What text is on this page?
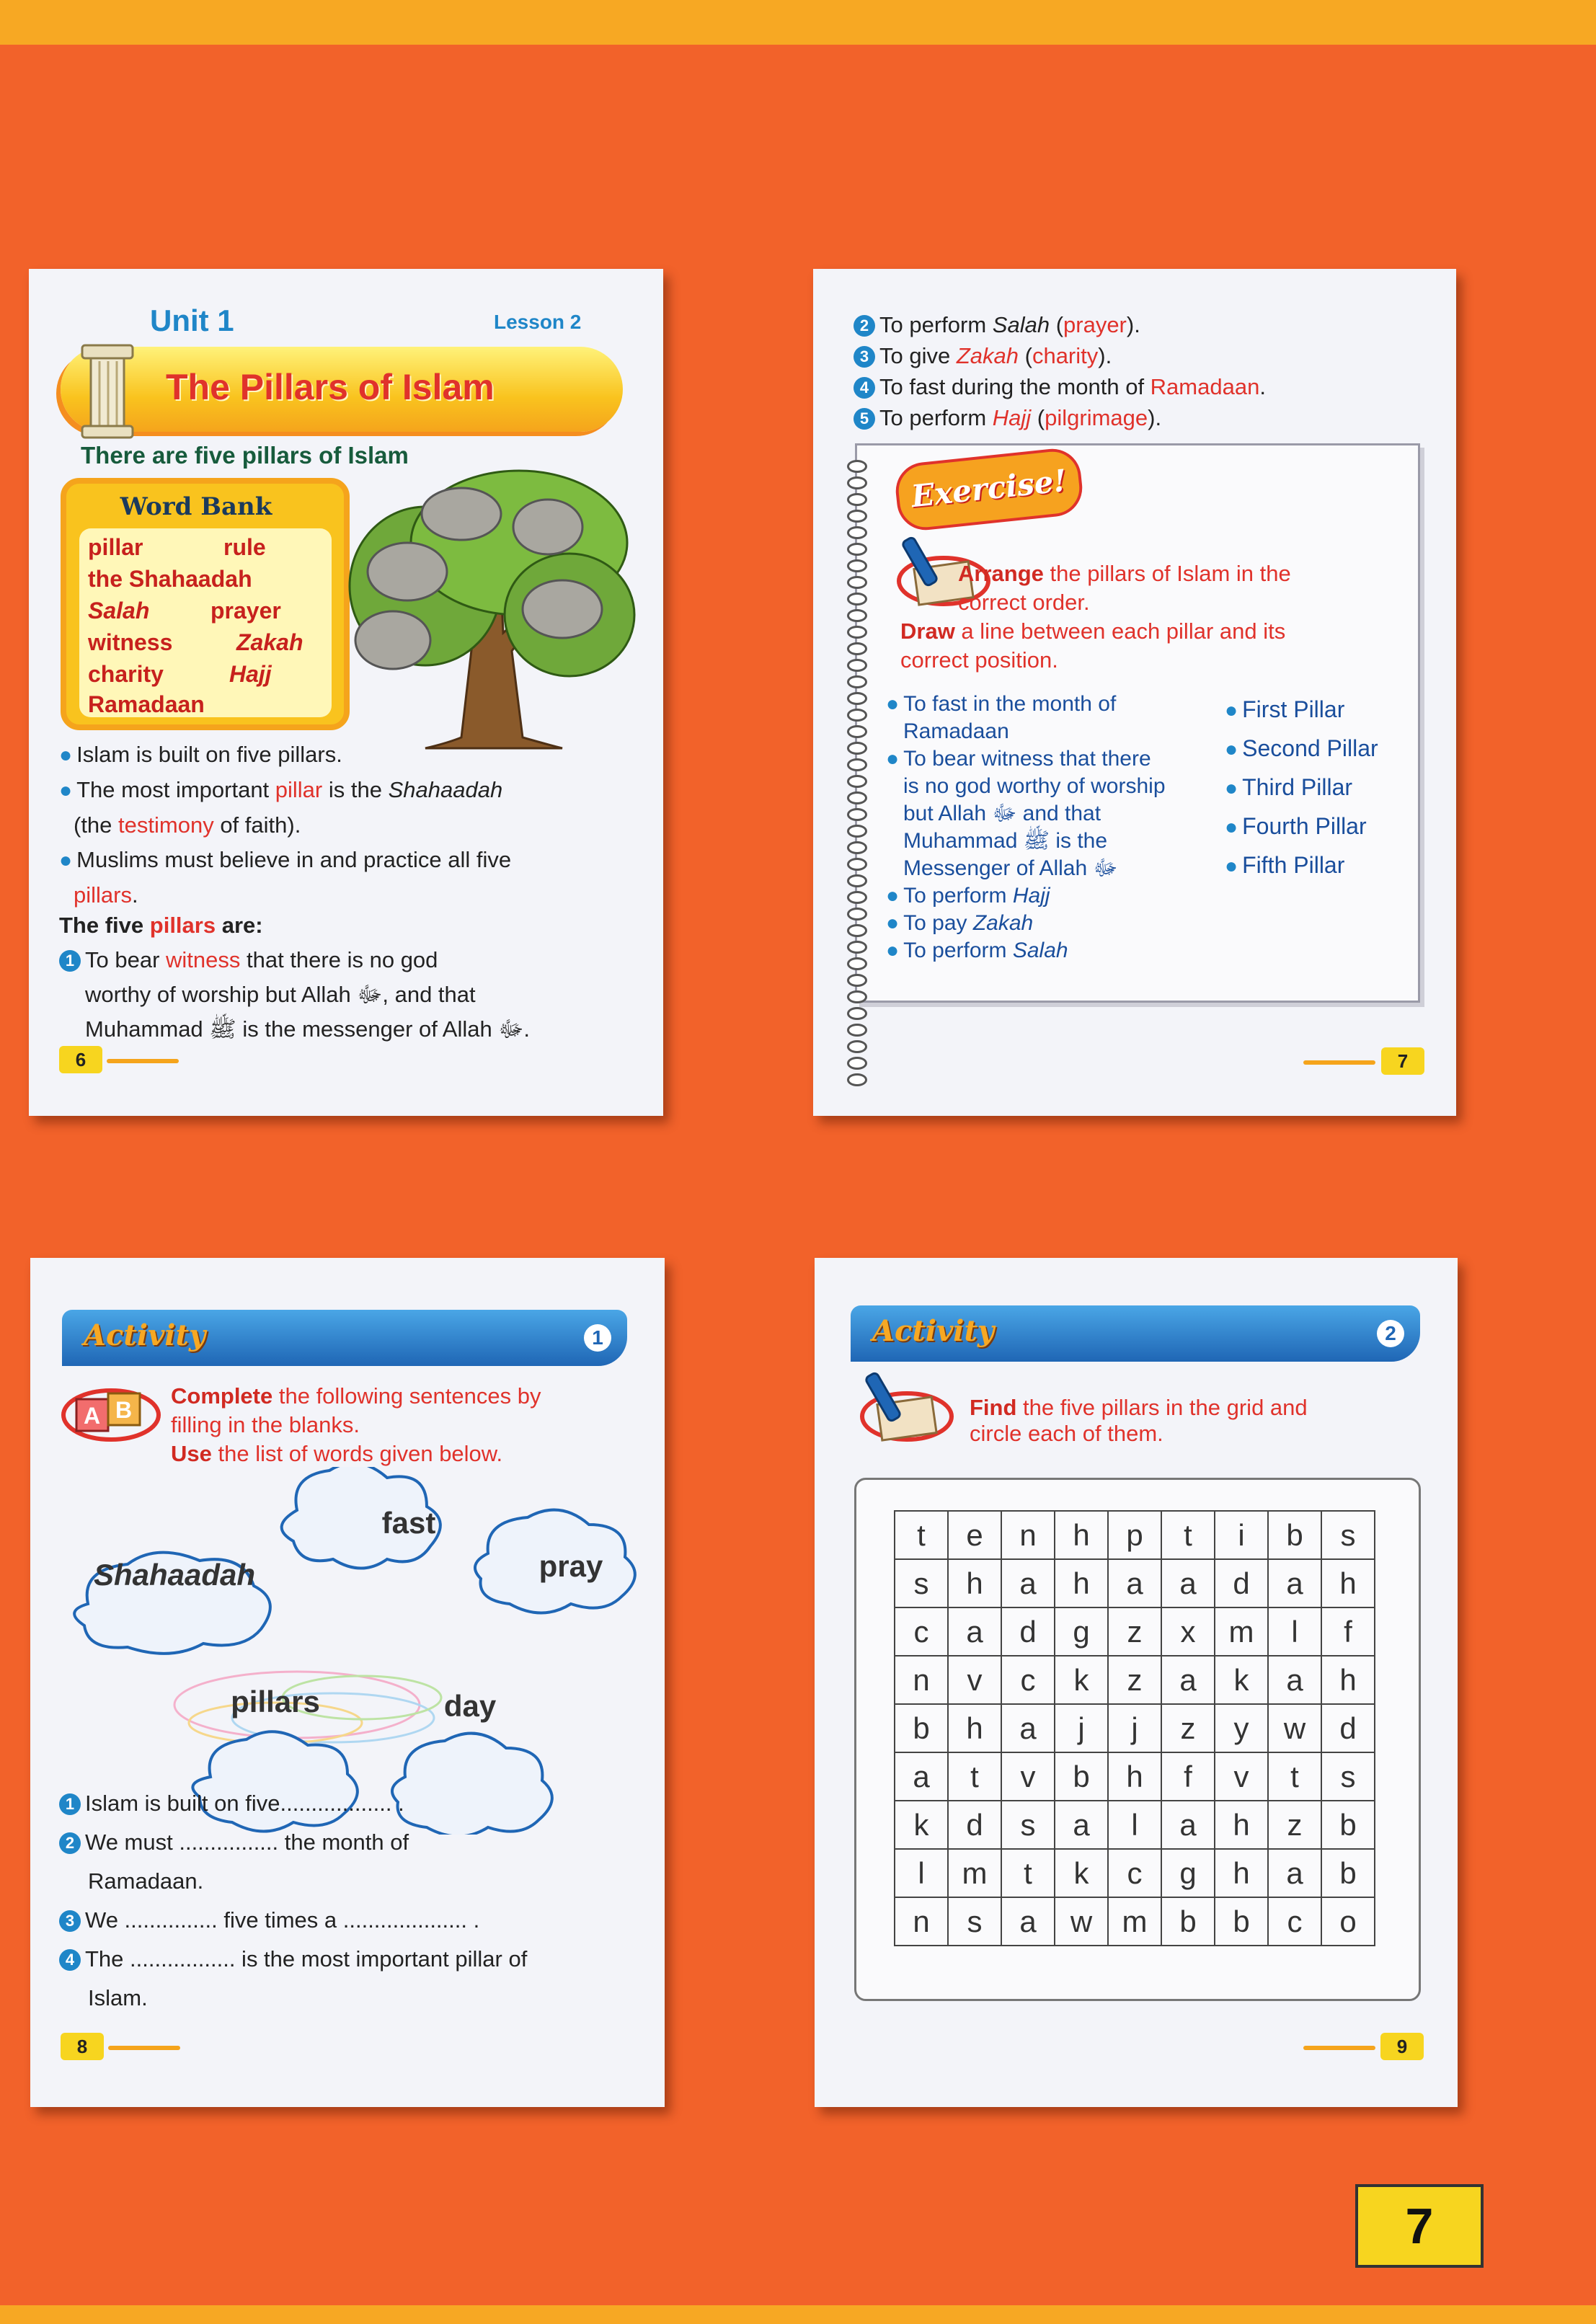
Unit 1	Lesson 2
The Pillars of Islam
There are five pillars of Islam
Word Bank
pillar	rule
the Shahaadah
Salah	prayer
witness	Zakah
charity	Hajj
Ramadaan
● Islam is built on five pillars.
● The most important pillar is the Shahaadah
(the testimony of faith).
● Muslims must believe in and practice all five
pillars.
The five pillars are:
1 To bear witness that there is no god
worthy of worship but Allah ﷻ, and that
Muhammad ﷺ is the messenger of Allah ﷻ.
6
2 To perform Salah (prayer).
3 To give Zakah (charity).
4 To fast during the month of Ramadaan.
5 To perform Hajj (pilgrimage).
Exercise!
Arrange the pillars of Islam in the
correct order.
Draw a line between each pillar and its
correct position.
● To fast in the month of
Ramadaan
● To bear witness that there
is no god worthy of worship
but Allah ﷻ and that
Muhammad ﷺ is the
Messenger of Allah ﷻ
● To perform Hajj
● To pay Zakah
● To perform Salah
● First Pillar
● Second Pillar
● Third Pillar
● Fourth Pillar
● Fifth Pillar
7
Activity	1
A B
Complete the following sentences by
filling in the blanks.
Use the list of words given below.
fast
Shahaadah	pray
pillars	day
1 Islam is built on five.................. .
2 We must ................ the month of
Ramadaan.
3 We ............... five times a .................... .
4 The ................. is the most important pillar of
Islam.
8
Activity	2
Find the five pillars in the grid and
circle each of them.
t	e	n	h	p	t	i	b	s
s	h	a	h	a	a	d	a	h
c	a	d	g	z	x	m	l	f
n	v	c	k	z	a	k	a	h
b	h	a	j	j	z	y	w	d
a	t	v	b	h	f	v	t	s
k	d	s	a	l	a	h	z	b
l	m	t	k	c	g	h	a	b
n	s	a	w	m	b	b	c	o
9
7
